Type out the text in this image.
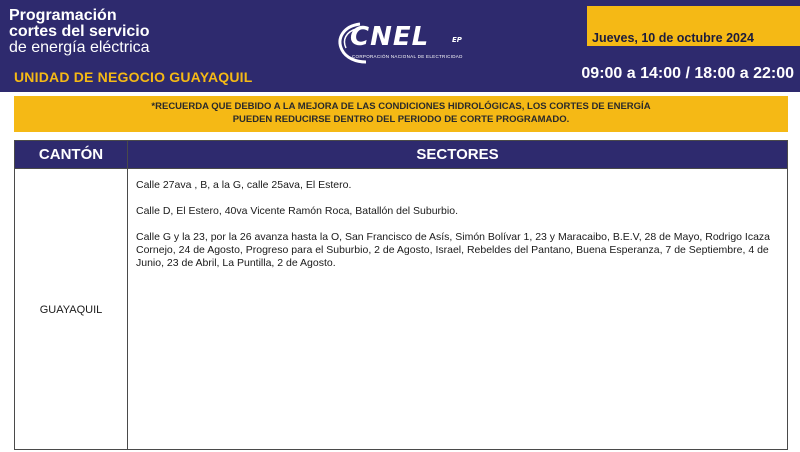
Programación
cortes del servicio
de energía eléctrica
UNIDAD DE NEGOCIO GUAYAQUIL
CNEL	EP
CORPORACIÓN NACIONAL DE ELECTRICIDAD
Jueves, 10 de octubre 2024
09:00 a 14:00 / 18:00 a 22:00
*RECUERDA QUE DEBIDO A LA MEJORA DE LAS CONDICIONES HIDROLÓGICAS, LOS CORTES DE ENERGÍA
PUEDEN REDUCIRSE DENTRO DEL PERIODO DE CORTE PROGRAMADO.
CANTÓN	SECTORES
GUAYAQUIL

Calle 27ava , B, a la G, calle 25ava, El Estero.

Calle D, El Estero, 40va Vicente Ramón Roca, Batallón del Suburbio.

Calle G y la 23, por la 26 avanza hasta la O, San Francisco de Asís, Simón Bolívar 1, 23 y Maracaibo, B.E.V, 28 de Mayo, Rodrigo Icaza Cornejo, 24 de Agosto, Progreso para el Suburbio, 2 de Agosto, Israel, Rebeldes del Pantano, Buena Esperanza, 7 de Septiembre, 4 de Junio, 23 de Abril, La Puntilla, 2 de Agosto.
